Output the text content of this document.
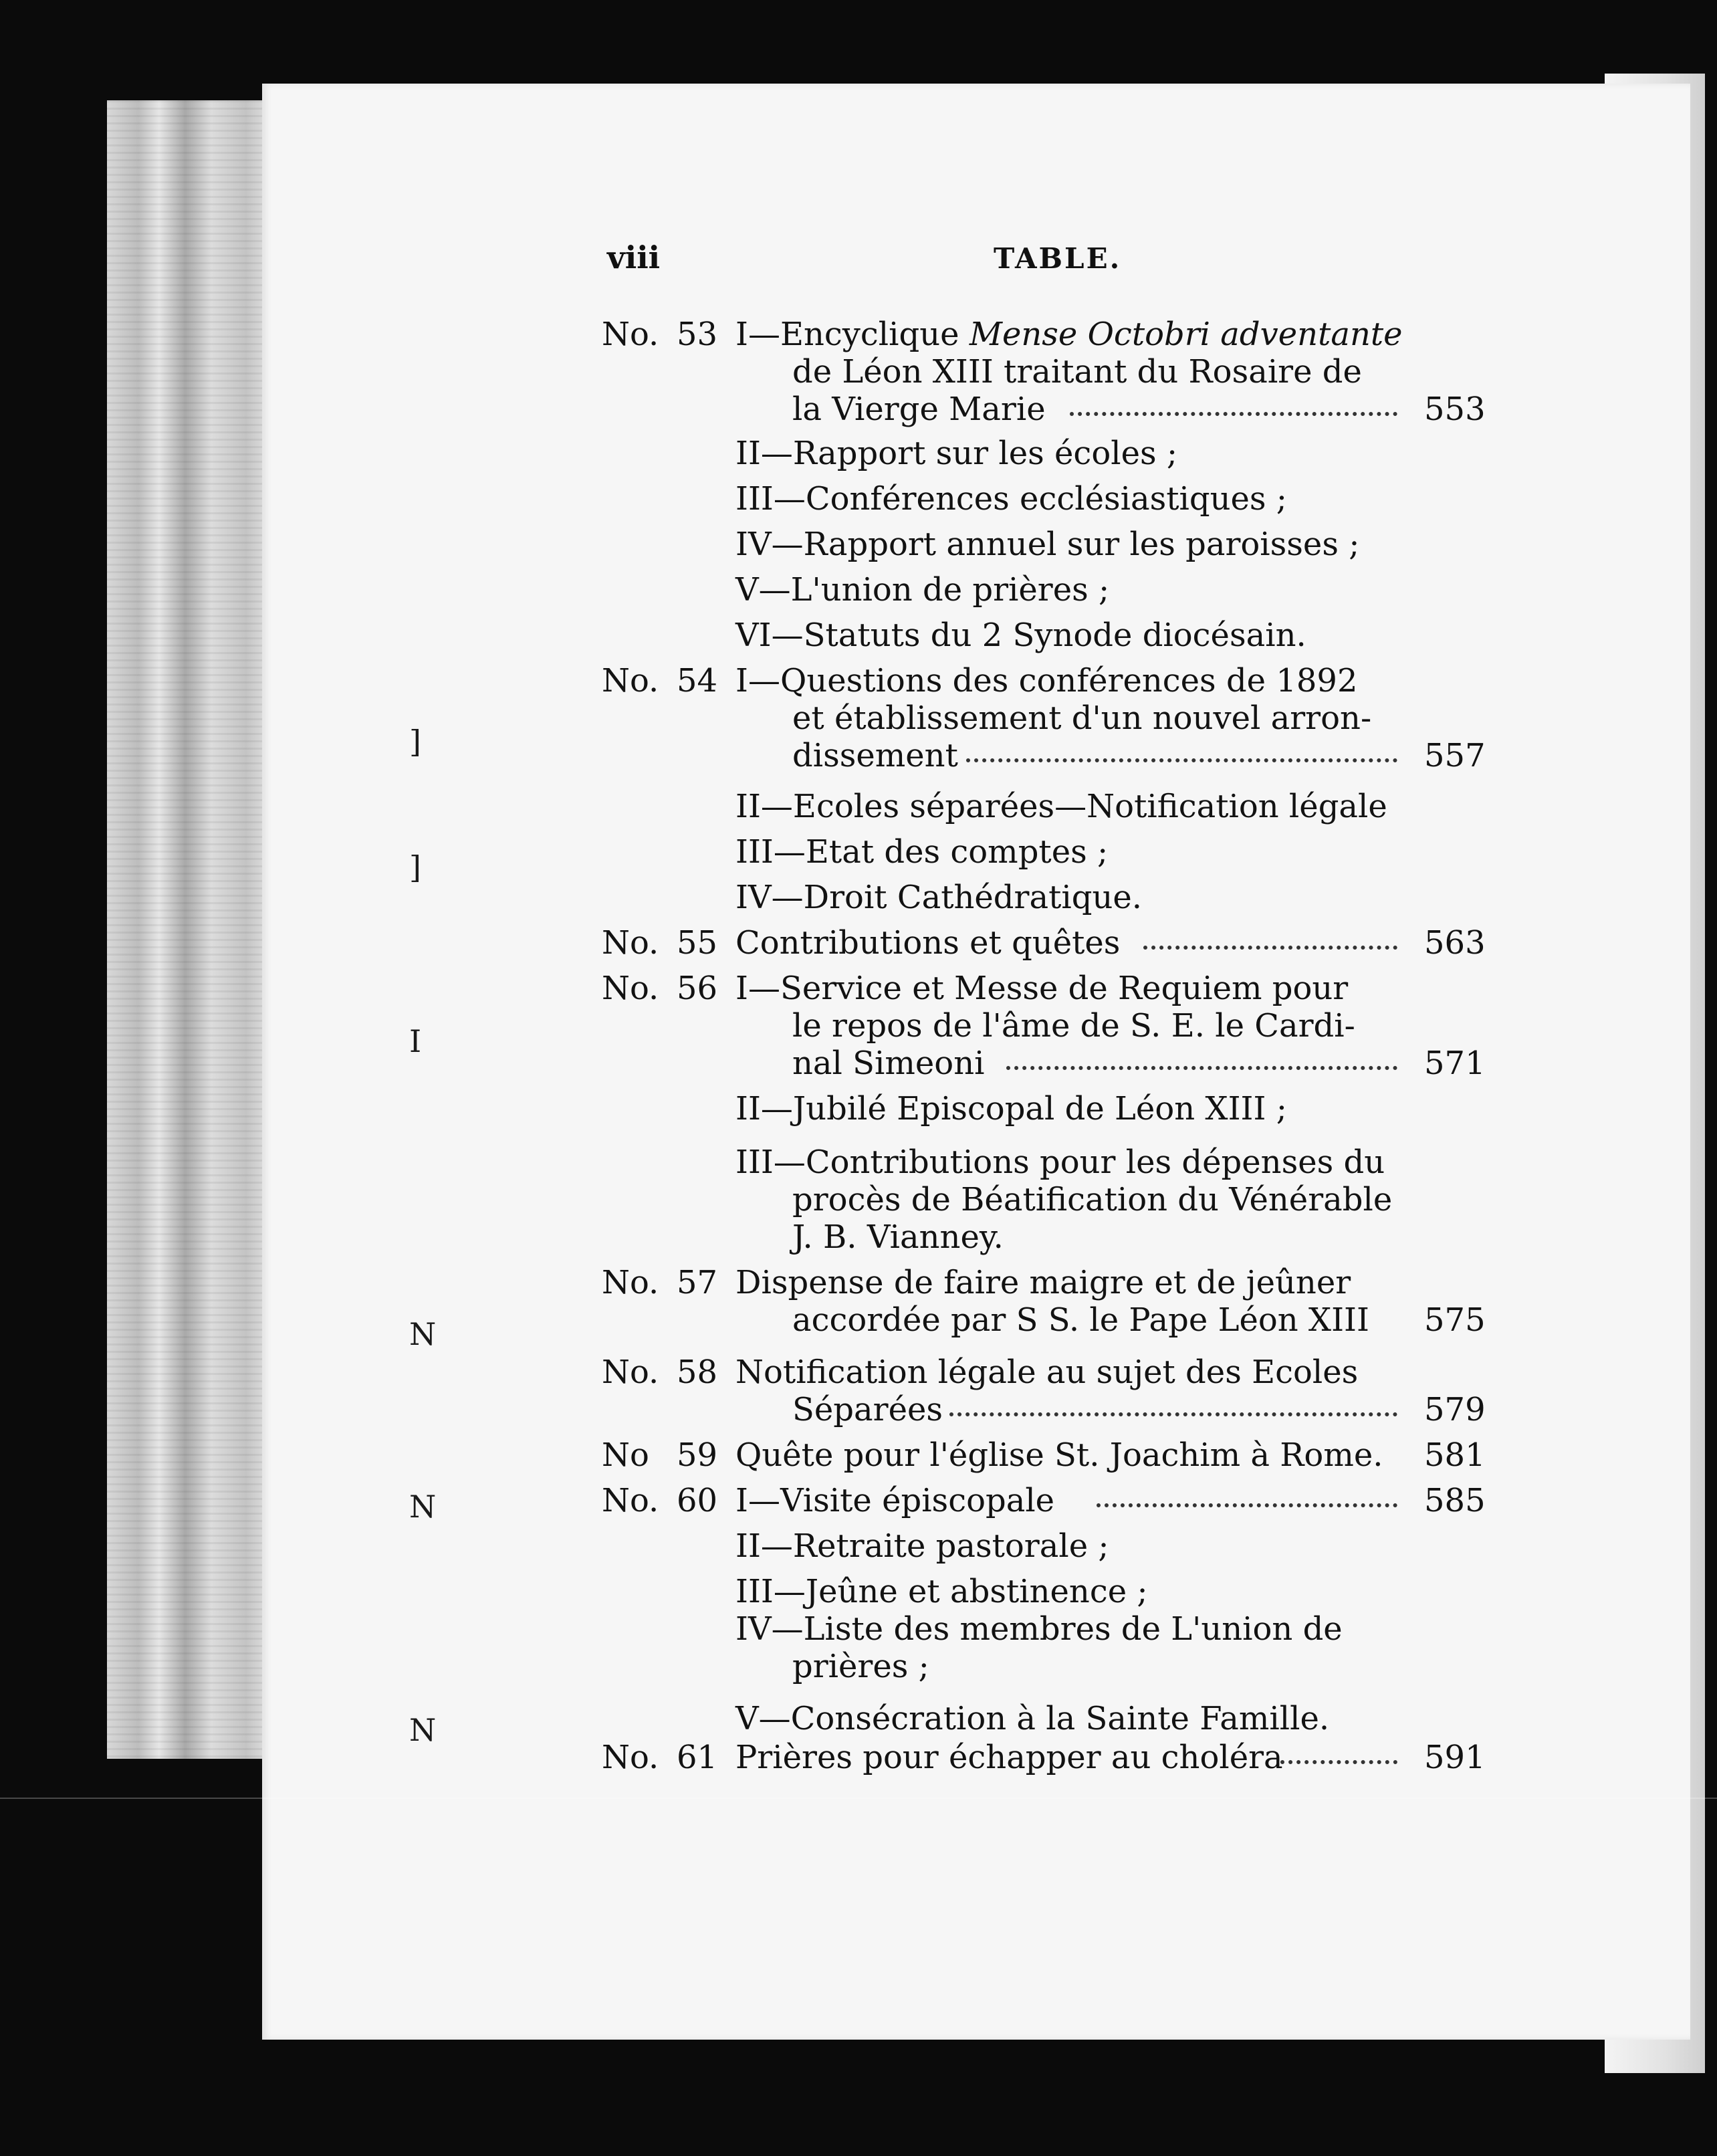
]
]
I
N
N
N
viii	TABLE.
No. 53 I—Encyclique Mense Octobri adventante
de Léon XIII traitant du Rosaire de
la Vierge Marie	553
II—Rapport sur les écoles ;
III—Conférences ecclésiastiques ;
IV—Rapport annuel sur les paroisses ;
V—L'union de prières ;
VI—Statuts du 2 Synode diocésain.
No. 54 I—Questions des conférences de 1892
et établissement d'un nouvel arron-
dissement	557
II—Ecoles séparées—Notification légale
III—Etat des comptes ;
IV—Droit Cathédratique.
No. 55 Contributions et quêtes	563
No. 56 I—Service et Messe de Requiem pour
le repos de l'âme de S. E. le Cardi-
nal Simeoni	571
II—Jubilé Episcopal de Léon XIII ;
III—Contributions pour les dépenses du
procès de Béatification du Vénérable
J. B. Vianney.
No. 57 Dispense de faire maigre et de jeûner
accordée par S S. le Pape Léon XIII 575
No. 58 Notification légale au sujet des Ecoles
Séparées	579
No 59 Quête pour l'église St. Joachim à Rome. 581
No. 60 I—Visite épiscopale	585
II—Retraite pastorale ;
III—Jeûne et abstinence ;
IV—Liste des membres de L'union de
prières ;
V—Consécration à la Sainte Famille.
No. 61 Prières pour échapper au choléra	591
